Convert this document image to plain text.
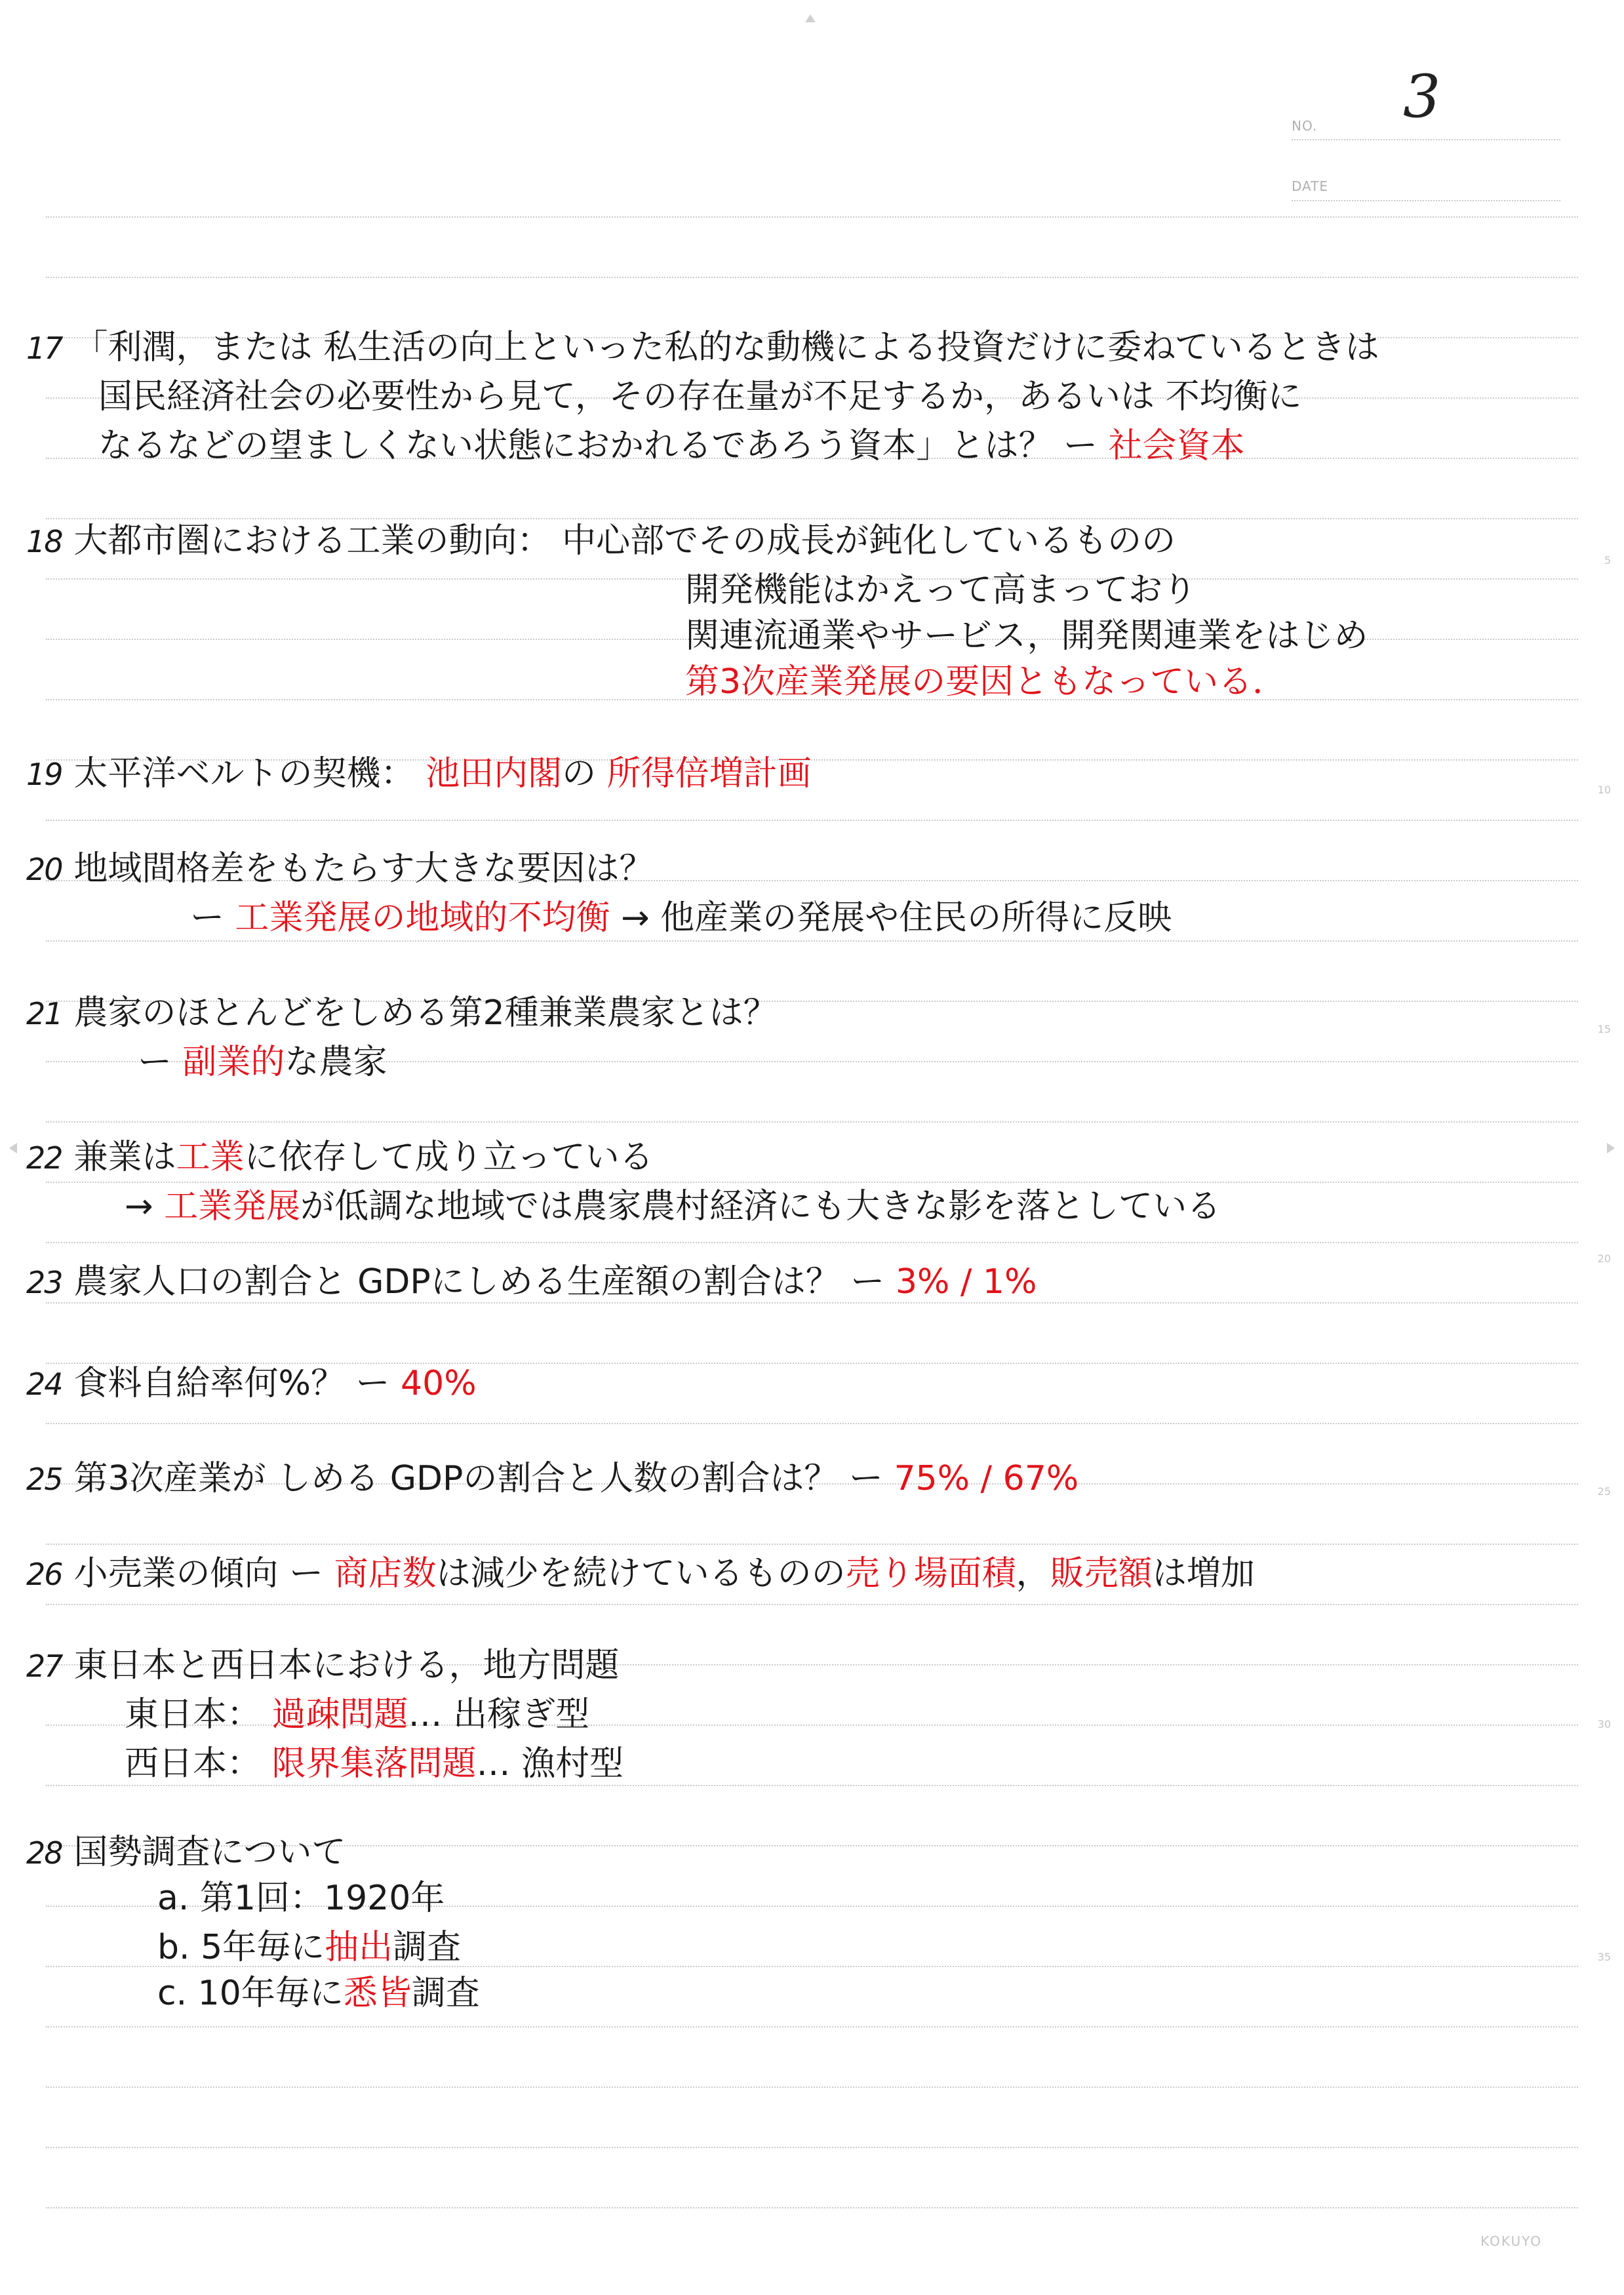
NO. 3
DATE
5
10
15
20
25
30
35
17 「利潤，または 私生活の向上といった私的な動機による投資だけに委ねているときは
国民経済社会の必要性から見て，その存在量が不足するか，あるいは 不均衡に
なるなどの望ましくない状態におかれるであろう資本」とは？ ー 社会資本
18 大都市圏における工業の動向： 中心部でその成長が鈍化しているものの
開発機能はかえって高まっており
関連流通業やサービス，開発関連業をはじめ
第3次産業発展の要因ともなっている．
19 太平洋ベルトの契機： 池田内閣の 所得倍増計画
20 地域間格差をもたらす大きな要因は？
ー 工業発展の地域的不均衡 → 他産業の発展や住民の所得に反映
21 農家のほとんどをしめる第2種兼業農家とは？
ー 副業的な農家
22 兼業は工業に依存して成り立っている
→ 工業発展が低調な地域では農家農村経済にも大きな影を落としている
23 農家人口の割合と GDPにしめる生産額の割合は？ ー 3% / 1%
24 食料自給率何%？ ー 40%
25 第3次産業が しめる GDPの割合と人数の割合は？ ー 75% / 67%
26 小売業の傾向 ー 商店数は減少を続けているものの売り場面積，販売額は増加
27 東日本と西日本における，地方問題
東日本： 過疎問題… 出稼ぎ型
西日本： 限界集落問題… 漁村型
28 国勢調査について
a. 第1回：1920年
b. 5年毎に抽出調査
c. 10年毎に悉皆調査
KOKUYO
